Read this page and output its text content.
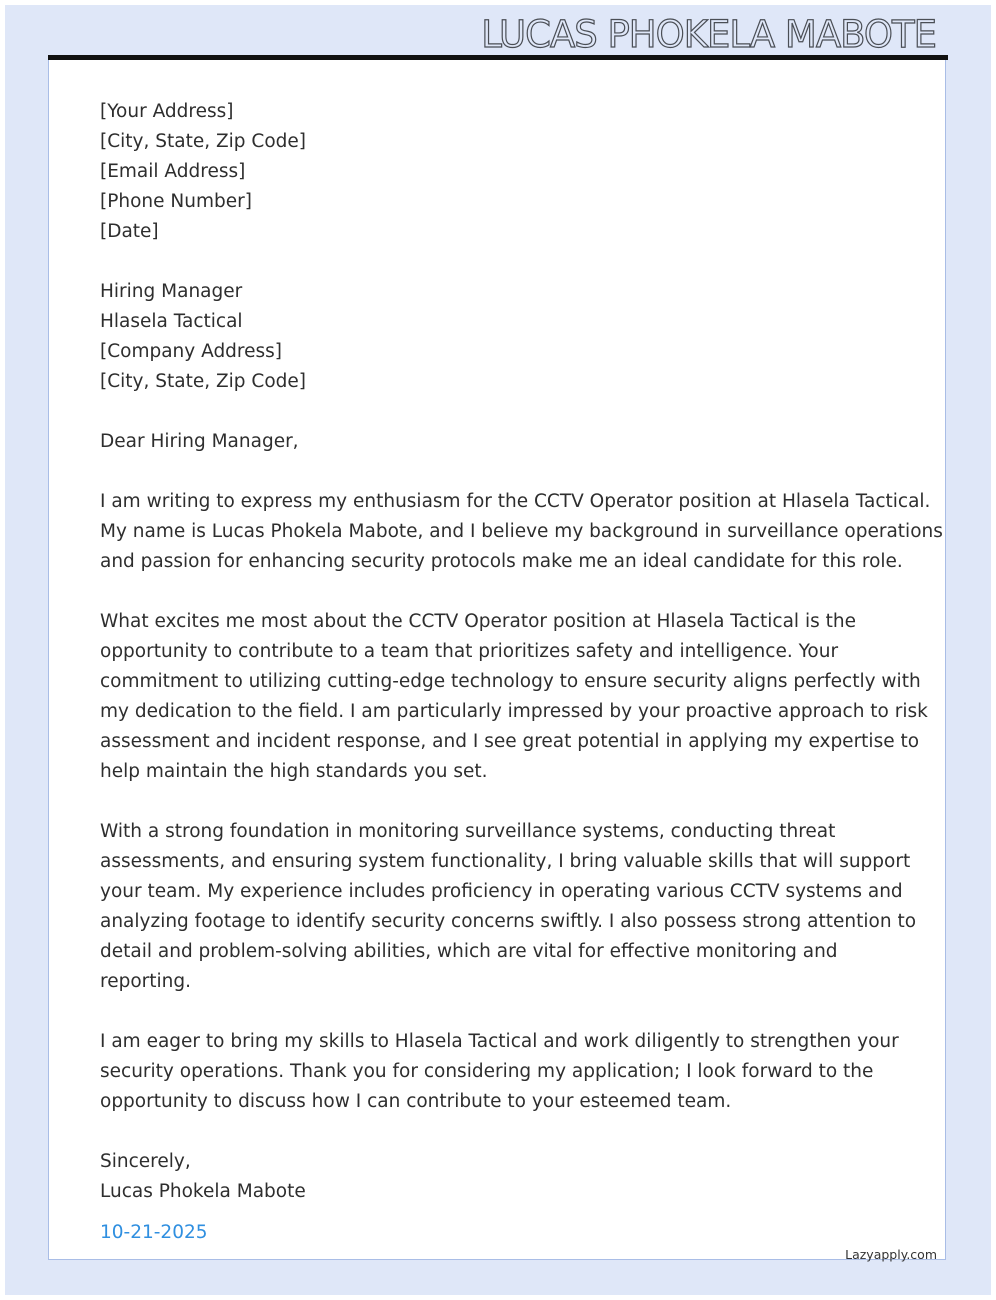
LUCAS PHOKELA MABOTE
[Your Address]
[City, State, Zip Code]
[Email Address]
[Phone Number]
[Date]
Hiring Manager
Hlasela Tactical
[Company Address]
[City, State, Zip Code]
Dear Hiring Manager,

I am writing to express my enthusiasm for the CCTV Operator position at Hlasela Tactical.
My name is Lucas Phokela Mabote, and I believe my background in surveillance operations
and passion for enhancing security protocols make me an ideal candidate for this role.

What excites me most about the CCTV Operator position at Hlasela Tactical is the
opportunity to contribute to a team that prioritizes safety and intelligence. Your
commitment to utilizing cutting-edge technology to ensure security aligns perfectly with
my dedication to the field. I am particularly impressed by your proactive approach to risk
assessment and incident response, and I see great potential in applying my expertise to
help maintain the high standards you set.

With a strong foundation in monitoring surveillance systems, conducting threat
assessments, and ensuring system functionality, I bring valuable skills that will support
your team. My experience includes proficiency in operating various CCTV systems and
analyzing footage to identify security concerns swiftly. I also possess strong attention to
detail and problem-solving abilities, which are vital for effective monitoring and
reporting.

I am eager to bring my skills to Hlasela Tactical and work diligently to strengthen your
security operations. Thank you for considering my application; I look forward to the
opportunity to discuss how I can contribute to your esteemed team.

Sincerely,
Lucas Phokela Mabote
10-21-2025
Lazyapply.com
